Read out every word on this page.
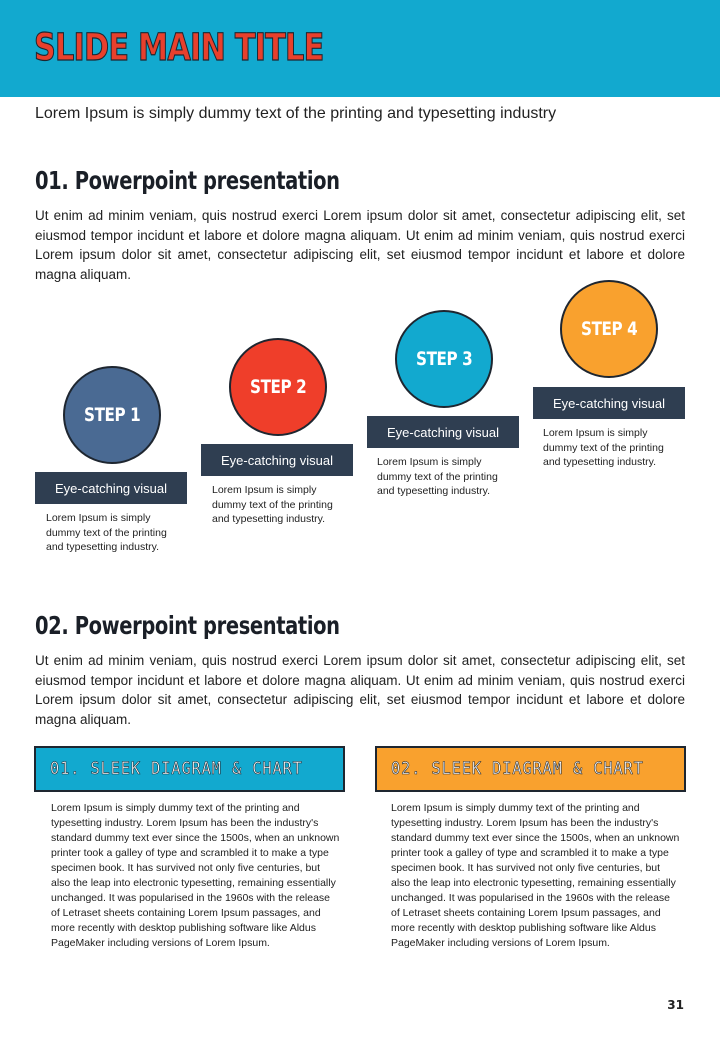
SLIDE MAIN TITLE
Lorem Ipsum is simply dummy text of the printing and typesetting industry
01. Powerpoint presentation
Ut enim ad minim veniam, quis nostrud exerci Lorem ipsum dolor sit amet, consectetur adipiscing elit, set eiusmod tempor incidunt et labore et dolore magna aliquam. Ut enim ad minim veniam, quis nostrud exerci Lorem ipsum dolor sit amet, consectetur adipiscing elit, set eiusmod tempor incidunt et labore et dolore magna aliquam.
STEP 1
Eye-catching visual
Lorem Ipsum is simply dummy text of the printing and typesetting industry.
STEP 2
Eye-catching visual
Lorem Ipsum is simply dummy text of the printing and typesetting industry.
STEP 3
Eye-catching visual
Lorem Ipsum is simply dummy text of the printing and typesetting industry.
STEP 4
Eye-catching visual
Lorem Ipsum is simply dummy text of the printing and typesetting industry.
02. Powerpoint presentation
Ut enim ad minim veniam, quis nostrud exerci Lorem ipsum dolor sit amet, consectetur adipiscing elit, set eiusmod tempor incidunt et labore et dolore magna aliquam. Ut enim ad minim veniam, quis nostrud exerci Lorem ipsum dolor sit amet, consectetur adipiscing elit, set eiusmod tempor incidunt et labore et dolore magna aliquam.
01. SLEEK DIAGRAM & CHART
Lorem Ipsum is simply dummy text of the printing and typesetting industry. Lorem Ipsum has been the industry's standard dummy text ever since the 1500s, when an unknown printer took a galley of type and scrambled it to make a type specimen book. It has survived not only five centuries, but also the leap into electronic typesetting, remaining essentially unchanged. It was popularised in the 1960s with the release of Letraset sheets containing Lorem Ipsum passages, and more recently with desktop publishing software like Aldus PageMaker including versions of Lorem Ipsum.
02. SLEEK DIAGRAM & CHART
Lorem Ipsum is simply dummy text of the printing and typesetting industry. Lorem Ipsum has been the industry's standard dummy text ever since the 1500s, when an unknown printer took a galley of type and scrambled it to make a type specimen book. It has survived not only five centuries, but also the leap into electronic typesetting, remaining essentially unchanged. It was popularised in the 1960s with the release of Letraset sheets containing Lorem Ipsum passages, and more recently with desktop publishing software like Aldus PageMaker including versions of Lorem Ipsum.
31
